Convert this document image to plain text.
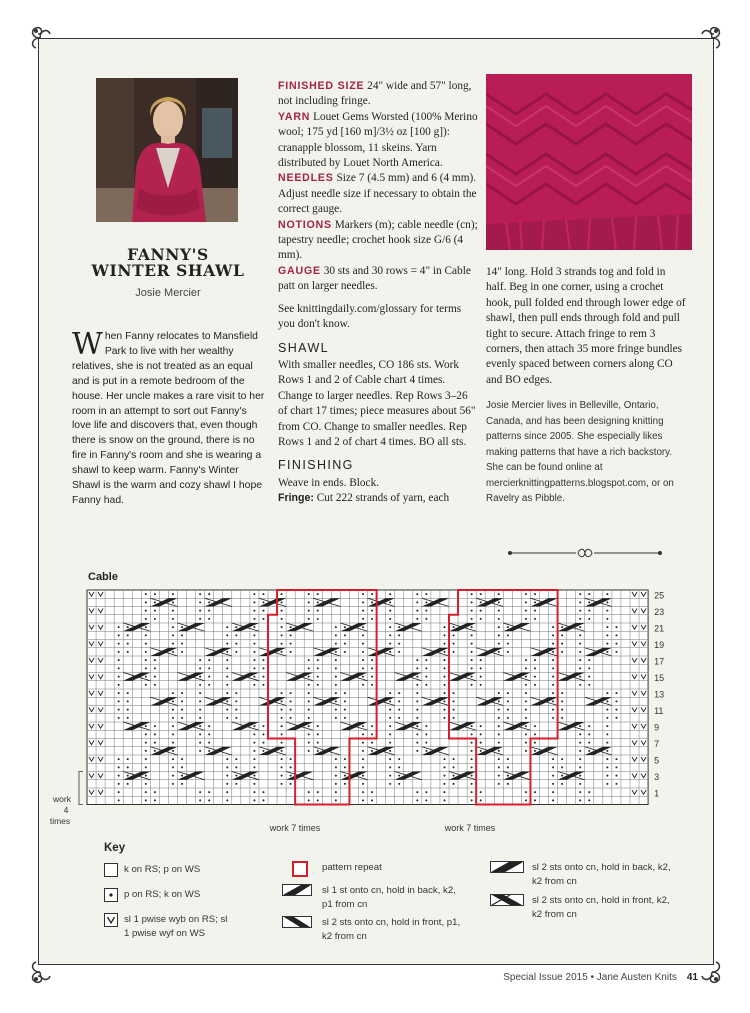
FANNY'S
WINTER SHAWL
Josie Mercier
When Fanny relocates to Mansfield Park to live with her wealthy relatives, she is not treated as an equal and is put in a remote bedroom of the house. Her uncle makes a rare visit to her room in an attempt to sort out Fanny's love life and discovers that, even though there is snow on the ground, there is no fire in Fanny's room and she is wearing a shawl to keep warm. Fanny's Winter Shawl is the warm and cozy shawl I hope Fanny had.

FINISHED SIZE 24" wide and 57" long, not including fringe.

YARN Louet Gems Worsted (100% Merino wool; 175 yd [160 m]/3½ oz [100 g]): cranapple blossom, 11 skeins. Yarn distributed by Louet North America.

NEEDLES Size 7 (4.5 mm) and 6 (4 mm). Adjust needle size if necessary to obtain the correct gauge.

NOTIONS Markers (m); cable needle (cn); tapestry needle; crochet hook size G/6 (4 mm).

GAUGE 30 sts and 30 rows = 4" in Cable patt on larger needles.

See knittingdaily.com/glossary for terms you don't know.

SHAWL

With smaller needles, CO 186 sts. Work Rows 1 and 2 of Cable chart 4 times. Change to larger needles. Rep Rows 3–26 of chart 17 times; piece measures about 56" from CO. Change to smaller needles. Rep Rows 1 and 2 of chart 4 times. BO all sts.

FINISHING

Weave in ends. Block.

Fringe: Cut 222 strands of yarn, each

14" long. Hold 3 strands tog and fold in half. Beg in one corner, using a crochet hook, pull folded end through lower edge of shawl, then pull ends through fold and pull tight to secure. Attach fringe to rem 3 corners, then attach 35 more fringe bundles evenly spaced between corners along CO and BO edges.

Josie Mercier lives in Belleville, Ontario, Canada, and has been designing knitting patterns since 2005. She especially likes making patterns that have a rich backstory. She can be found online at mercierknittingpatterns.blogspot.com, or on Ravelry as Pibble.

Cable
25
23
21
19
17
15
13
11
9
7
5
3
1
work 7 times	work 7 times
work
4
times
Key
k on RS; p on WS
p on RS; k on WS
sl 1 pwise wyb on RS; sl
1 pwise wyf on WS
pattern repeat
sl 1 st onto cn, hold in back, k2,
p1 from cn
sl 2 sts onto cn, hold in front, p1,
k2 from cn
sl 2 sts onto cn, hold in back, k2,
k2 from cn
sl 2 sts onto cn, hold in front, k2,
k2 from cn
Special Issue 2015 • Jane Austen Knits 41
